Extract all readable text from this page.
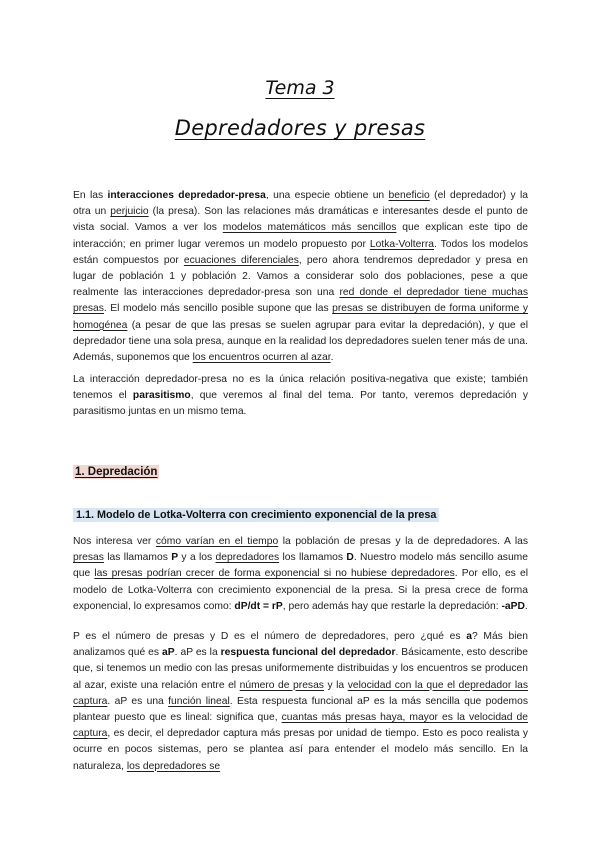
Tema 3
Depredadores y presas

En las interacciones depredador-presa, una especie obtiene un beneficio (el depredador) y la otra un perjuicio (la presa). Son las relaciones más dramáticas e interesantes desde el punto de vista social. Vamos a ver los modelos matemáticos más sencillos que explican este tipo de interacción; en primer lugar veremos un modelo propuesto por Lotka-Volterra. Todos los modelos están compuestos por ecuaciones diferenciales, pero ahora tendremos depredador y presa en lugar de población 1 y población 2. Vamos a considerar solo dos poblaciones, pese a que realmente las interacciones depredador-presa son una red donde el depredador tiene muchas presas. El modelo más sencillo posible supone que las presas se distribuyen de forma uniforme y homogénea (a pesar de que las presas se suelen agrupar para evitar la depredación), y que el depredador tiene una sola presa, aunque en la realidad los depredadores suelen tener más de una. Además, suponemos que los encuentros ocurren al azar.

La interacción depredador-presa no es la única relación positiva-negativa que existe; también tenemos el parasitismo, que veremos al final del tema. Por tanto, veremos depredación y parasitismo juntas en un mismo tema.

1. Depredación
1.1. Modelo de Lotka-Volterra con crecimiento exponencial de la presa

Nos interesa ver cómo varían en el tiempo la población de presas y la de depredadores. A las presas las llamamos P y a los depredadores los llamamos D. Nuestro modelo más sencillo asume que las presas podrían crecer de forma exponencial si no hubiese depredadores. Por ello, es el modelo de Lotka-Volterra con crecimiento exponencial de la presa. Si la presa crece de forma exponencial, lo expresamos como: dP/dt = rP, pero además hay que restarle la depredación: -aPD.

P es el número de presas y D es el número de depredadores, pero ¿qué es a? Más bien analizamos qué es aP. aP es la respuesta funcional del depredador. Básicamente, esto describe que, si tenemos un medio con las presas uniformemente distribuidas y los encuentros se producen al azar, existe una relación entre el número de presas y la velocidad con la que el depredador las captura. aP es una función lineal. Esta respuesta funcional aP es la más sencilla que podemos plantear puesto que es lineal: significa que, cuantas más presas haya, mayor es la velocidad de captura, es decir, el depredador captura más presas por unidad de tiempo. Esto es poco realista y ocurre en pocos sistemas, pero se plantea así para entender el modelo más sencillo. En la naturaleza, los depredadores se
